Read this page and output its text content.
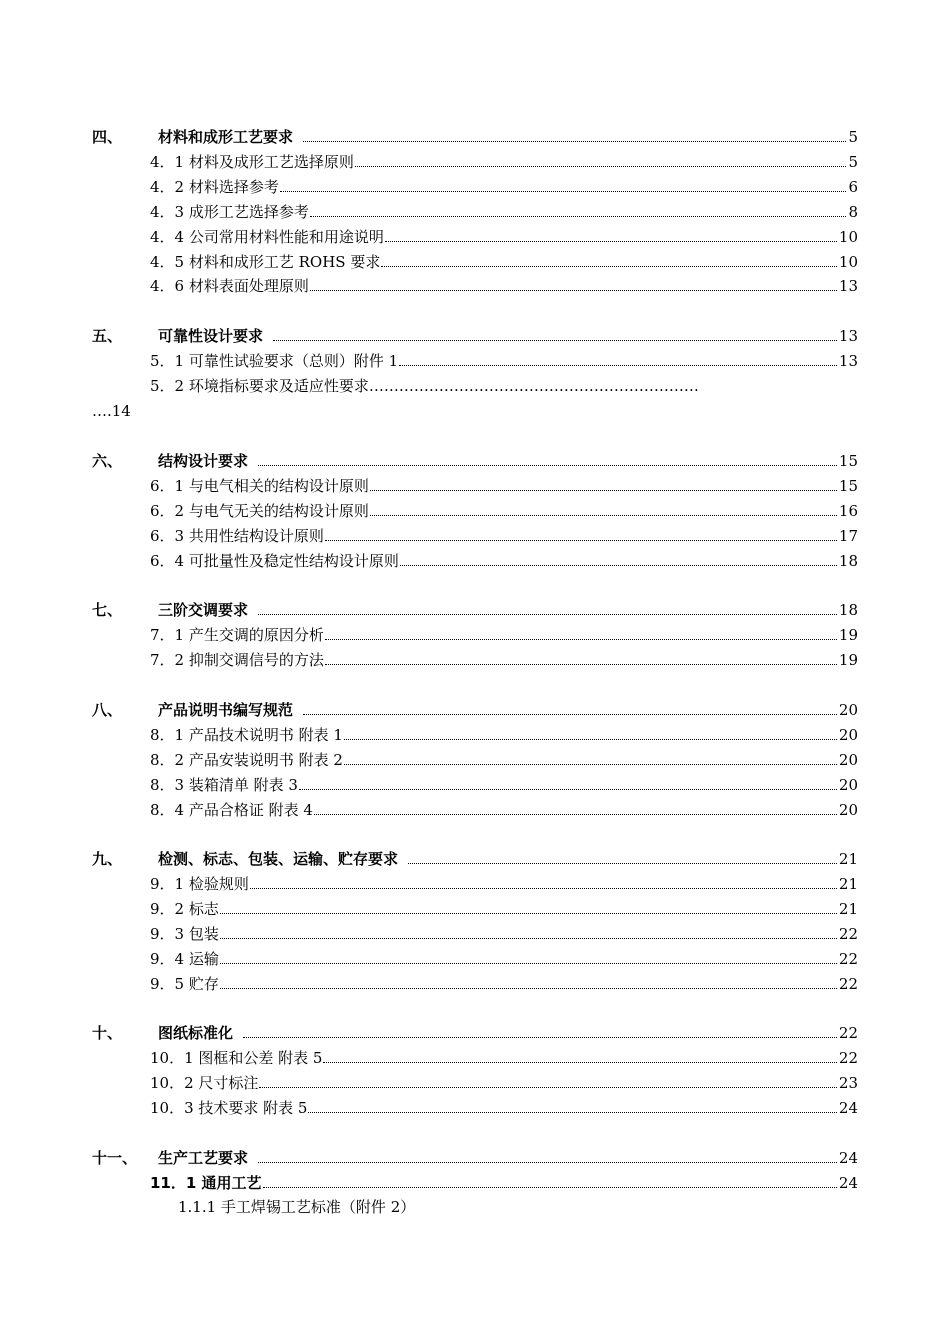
四、 材料和成形工艺要求	5
4．1 材料及成形工艺选择原则	5
4．2 材料选择参考	6
4．3 成形工艺选择参考	8
4．4 公司常用材料性能和用途说明	10
4．5 材料和成形工艺 ROHS 要求	10
4．6 材料表面处理原则	13
五、 可靠性设计要求	13
5．1 可靠性试验要求（总则）附件 1	13
5．2 环境指标要求及适应性要求…………………………………………………………
….14
六、 结构设计要求	15
6．1 与电气相关的结构设计原则	15
6．2 与电气无关的结构设计原则	16
6．3 共用性结构设计原则	17
6．4 可批量性及稳定性结构设计原则	18
七、 三阶交调要求	18
7．1 产生交调的原因分析	19
7．2 抑制交调信号的方法	19
八、 产品说明书编写规范	20
8．1 产品技术说明书 附表 1	20
8．2 产品安装说明书 附表 2	20
8．3 装箱清单 附表 3	20
8．4 产品合格证 附表 4	20
九、 检测、标志、包装、运输、贮存要求	21
9．1 检验规则	21
9．2 标志	21
9．3 包装	22
9．4 运输	22
9．5 贮存	22
十、 图纸标准化	22
10．1 图框和公差 附表 5	22
10．2 尺寸标注	23
10．3 技术要求 附表 5	24
十一、 生产工艺要求	24
11．1 通用工艺	24
1.1.1 手工焊锡工艺标准（附件 2）
